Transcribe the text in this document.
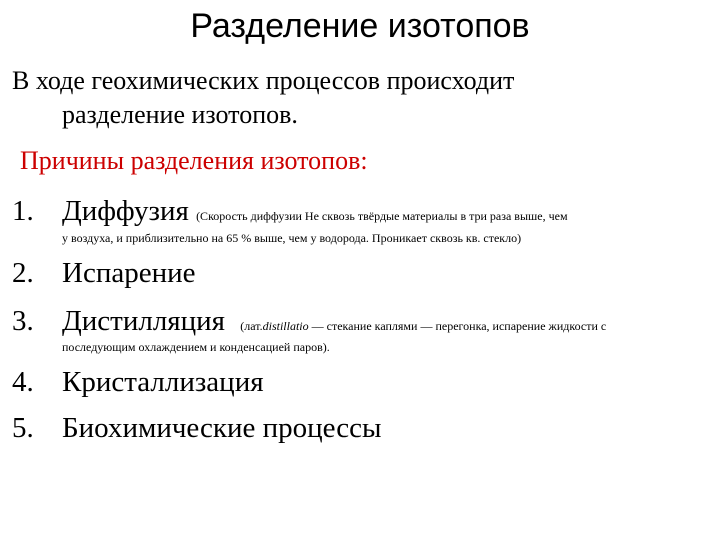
Разделение изотопов
В ходе геохимических процессов происходит
разделение изотопов.
Причины разделения изотопов:
1. Диффузия (Скорость диффузии Не сквозь твёрдые материалы в три раза выше, чем
у воздуха, и приблизительно на 65 % выше, чем у водорода. Проникает сквозь кв. стекло)
2. Испарение
3. Дистилляция (лат.distillatio — стекание каплями — перегонка, испарение жидкости с
последующим охлаждением и конденсацией паров).
4. Кристаллизация
5. Биохимические процессы
